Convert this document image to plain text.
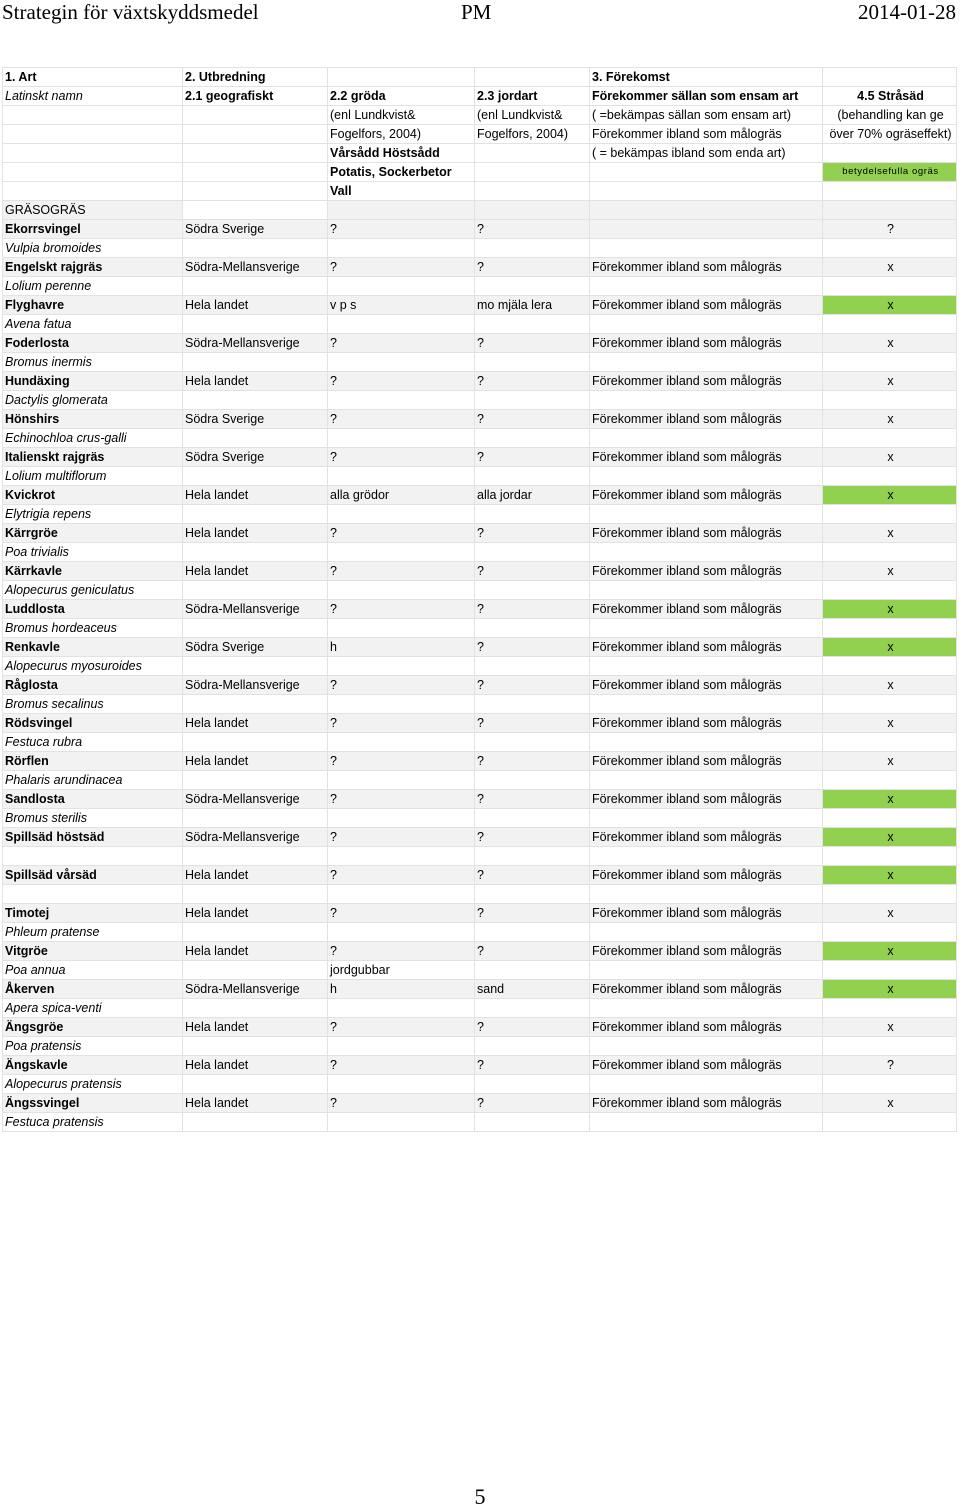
Strategin för växtskyddsmedel	PM	2014-01-28
1. Art	2. Utbredning			3. Förekomst	
Latinskt namn	2.1 geografiskt	2.2 gröda	2.3 jordart	Förekommer sällan som ensam art	4.5 Stråsäd
		(enl Lundkvist&	(enl Lundkvist&	( =bekämpas sällan som ensam art)	(behandling kan ge
		Fogelfors, 2004)	Fogelfors, 2004)	Förekommer ibland som målogräs	över 70% ogräseffekt)
		Vårsådd Höstsådd		( = bekämpas ibland som enda art)	
		Potatis, Sockerbetor			betydelsefulla ogräs
		Vall			
GRÄSOGRÄS					
Ekorrsvingel	Södra Sverige	?	?		?
Vulpia bromoides					
Engelskt rajgräs	Södra-Mellansverige	?	?	Förekommer ibland som målogräs	x
Lolium perenne					
Flyghavre	Hela landet	v p s	mo mjäla lera	Förekommer ibland som målogräs	x
Avena fatua					
Foderlosta	Södra-Mellansverige	?	?	Förekommer ibland som målogräs	x
Bromus inermis					
Hundäxing	Hela landet	?	?	Förekommer ibland som målogräs	x
Dactylis glomerata					
Hönshirs	Södra Sverige	?	?	Förekommer ibland som målogräs	x
Echinochloa crus-galli					
Italienskt rajgräs	Södra Sverige	?	?	Förekommer ibland som målogräs	x
Lolium multiflorum					
Kvickrot	Hela landet	alla grödor	alla jordar	Förekommer ibland som målogräs	x
Elytrigia repens					
Kärrgröe	Hela landet	?	?	Förekommer ibland som målogräs	x
Poa trivialis					
Kärrkavle	Hela landet	?	?	Förekommer ibland som målogräs	x
Alopecurus geniculatus					
Luddlosta	Södra-Mellansverige	?	?	Förekommer ibland som målogräs	x
Bromus hordeaceus					
Renkavle	Södra Sverige	h	?	Förekommer ibland som målogräs	x
Alopecurus myosuroides					
Råglosta	Södra-Mellansverige	?	?	Förekommer ibland som målogräs	x
Bromus secalinus					
Rödsvingel	Hela landet	?	?	Förekommer ibland som målogräs	x
Festuca rubra					
Rörflen	Hela landet	?	?	Förekommer ibland som målogräs	x
Phalaris arundinacea					
Sandlosta	Södra-Mellansverige	?	?	Förekommer ibland som målogräs	x
Bromus sterilis					
Spillsäd höstsäd	Södra-Mellansverige	?	?	Förekommer ibland som målogräs	x

Spillsäd vårsäd	Hela landet	?	?	Förekommer ibland som målogräs	x

Timotej	Hela landet	?	?	Förekommer ibland som målogräs	x
Phleum pratense					
Vitgröe	Hela landet	?	?	Förekommer ibland som målogräs	x
Poa annua		jordgubbar			
Åkerven	Södra-Mellansverige	h	sand	Förekommer ibland som målogräs	x
Apera spica-venti					
Ängsgröe	Hela landet	?	?	Förekommer ibland som målogräs	x
Poa pratensis					
Ängskavle	Hela landet	?	?	Förekommer ibland som målogräs	?
Alopecurus pratensis					
Ängssvingel	Hela landet	?	?	Förekommer ibland som målogräs	x
Festuca pratensis					
5
